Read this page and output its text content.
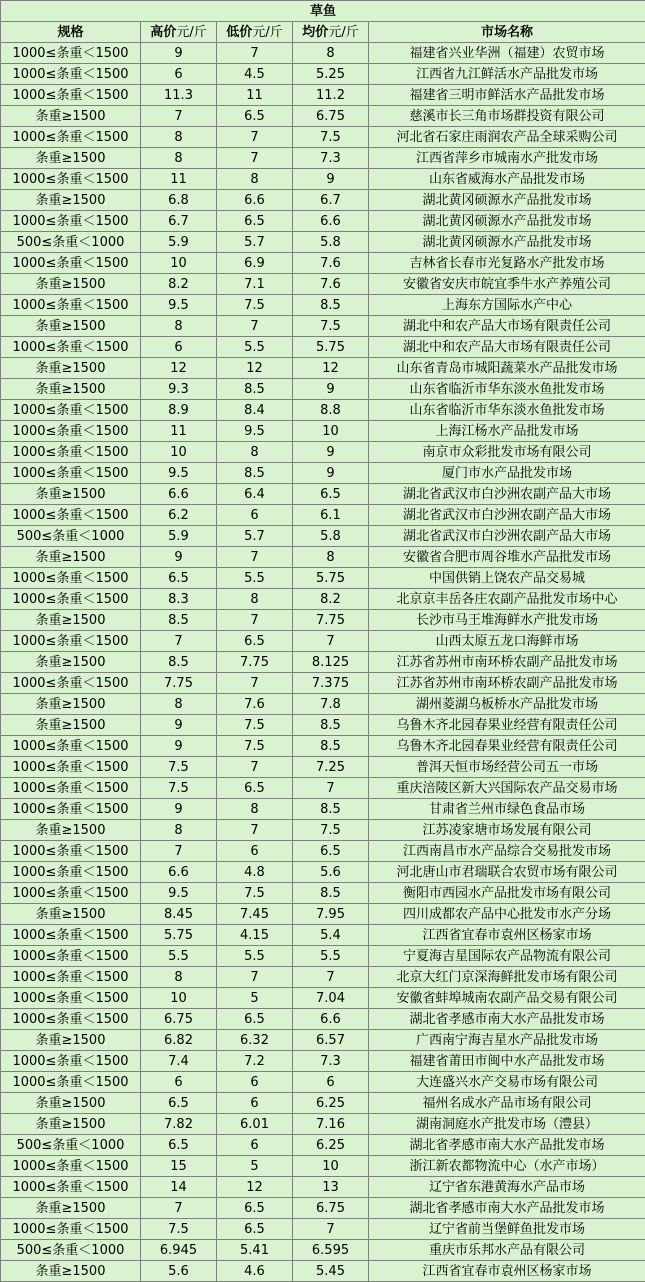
草鱼				
规格	高价元/斤	低价元/斤	均价元/斤	市场名称
1000≤条重＜1500	9	7	8	福建省兴业华洲（福建）农贸市场
1000≤条重＜1500	6	4.5	5.25	江西省九江鲜活水产品批发市场
1000≤条重＜1500	11.3	11	11.2	福建省三明市鲜活水产品批发市场
条重≥1500	7	6.5	6.75	慈溪市长三角市场群投资有限公司
1000≤条重＜1500	8	7	7.5	河北省石家庄雨润农产品全球采购公司
条重≥1500	8	7	7.3	江西省萍乡市城南水产批发市场
1000≤条重＜1500	11	8	9	山东省威海水产品批发市场
条重≥1500	6.8	6.6	6.7	湖北黄冈硕源水产品批发市场
1000≤条重＜1500	6.7	6.5	6.6	湖北黄冈硕源水产品批发市场
500≤条重＜1000	5.9	5.7	5.8	湖北黄冈硕源水产品批发市场
1000≤条重＜1500	10	6.9	7.6	吉林省长春市光复路水产批发市场
条重≥1500	8.2	7.1	7.6	安徽省安庆市皖宜季牛水产养殖公司
1000≤条重＜1500	9.5	7.5	8.5	上海东方国际水产中心
条重≥1500	8	7	7.5	湖北中和农产品大市场有限责任公司
1000≤条重＜1500	6	5.5	5.75	湖北中和农产品大市场有限责任公司
条重≥1500	12	12	12	山东省青岛市城阳蔬菜水产品批发市场
条重≥1500	9.3	8.5	9	山东省临沂市华东淡水鱼批发市场
1000≤条重＜1500	8.9	8.4	8.8	山东省临沂市华东淡水鱼批发市场
1000≤条重＜1500	11	9.5	10	上海江杨水产品批发市场
1000≤条重＜1500	10	8	9	南京市众彩批发市场有限公司
1000≤条重＜1500	9.5	8.5	9	厦门市水产品批发市场
条重≥1500	6.6	6.4	6.5	湖北省武汉市白沙洲农副产品大市场
1000≤条重＜1500	6.2	6	6.1	湖北省武汉市白沙洲农副产品大市场
500≤条重＜1000	5.9	5.7	5.8	湖北省武汉市白沙洲农副产品大市场
条重≥1500	9	7	8	安徽省合肥市周谷堆水产品批发市场
1000≤条重＜1500	6.5	5.5	5.75	中国供销上饶农产品交易城
1000≤条重＜1500	8.3	8	8.2	北京京丰岳各庄农副产品批发市场中心
条重≥1500	8.5	7	7.75	长沙市马王堆海鲜水产批发市场
1000≤条重＜1500	7	6.5	7	山西太原五龙口海鲜市场
条重≥1500	8.5	7.75	8.125	江苏省苏州市南环桥农副产品批发市场
1000≤条重＜1500	7.75	7	7.375	江苏省苏州市南环桥农副产品批发市场
条重≥1500	8	7.6	7.8	湖州菱湖乌板桥水产品批发市场
条重≥1500	9	7.5	8.5	乌鲁木齐北园春果业经营有限责任公司
1000≤条重＜1500	9	7.5	8.5	乌鲁木齐北园春果业经营有限责任公司
1000≤条重＜1500	7.5	7	7.25	普洱天恒市场经营公司五一市场
1000≤条重＜1500	7.5	6.5	7	重庆涪陵区新大兴国际农产品交易市场
1000≤条重＜1500	9	8	8.5	甘肃省兰州市绿色食品市场
条重≥1500	8	7	7.5	江苏凌家塘市场发展有限公司
1000≤条重＜1500	7	6	6.5	江西南昌市水产品综合交易批发市场
1000≤条重＜1500	6.6	4.8	5.6	河北唐山市君瑞联合农贸市场有限公司
1000≤条重＜1500	9.5	7.5	8.5	衡阳市西园水产品批发市场有限公司
条重≥1500	8.45	7.45	7.95	四川成都农产品中心批发市水产分场
1000≤条重＜1500	5.75	4.15	5.4	江西省宜春市袁州区杨家市场
1000≤条重＜1500	5.5	5.5	5.5	宁夏海吉星国际农产品物流有限公司
1000≤条重＜1500	8	7	7	北京大红门京深海鲜批发市场有限公司
1000≤条重＜1500	10	5	7.04	安徽省蚌埠城南农副产品交易有限公司
1000≤条重＜1500	6.75	6.5	6.6	湖北省孝感市南大水产品批发市场
条重≥1500	6.82	6.32	6.57	广西南宁海吉星水产品批发市场
1000≤条重＜1500	7.4	7.2	7.3	福建省莆田市闽中水产品批发市场
1000≤条重＜1500	6	6	6	大连盛兴水产交易市场有限公司
条重≥1500	6.5	6	6.25	福州名成水产品市场有限公司
条重≥1500	7.82	6.01	7.16	湖南洞庭水产批发市场（澧县）
500≤条重＜1000	6.5	6	6.25	湖北省孝感市南大水产品批发市场
1000≤条重＜1500	15	5	10	浙江新农都物流中心（水产市场）
1000≤条重＜1500	14	12	13	辽宁省东港黄海水产品市场
条重≥1500	7	6.5	6.75	湖北省孝感市南大水产品批发市场
1000≤条重＜1500	7.5	6.5	7	辽宁省前当堡鲜鱼批发市场
500≤条重＜1000	6.945	5.41	6.595	重庆市乐邦水产品有限公司
条重≥1500	5.6	4.6	5.45	江西省宜春市袁州区杨家市场
